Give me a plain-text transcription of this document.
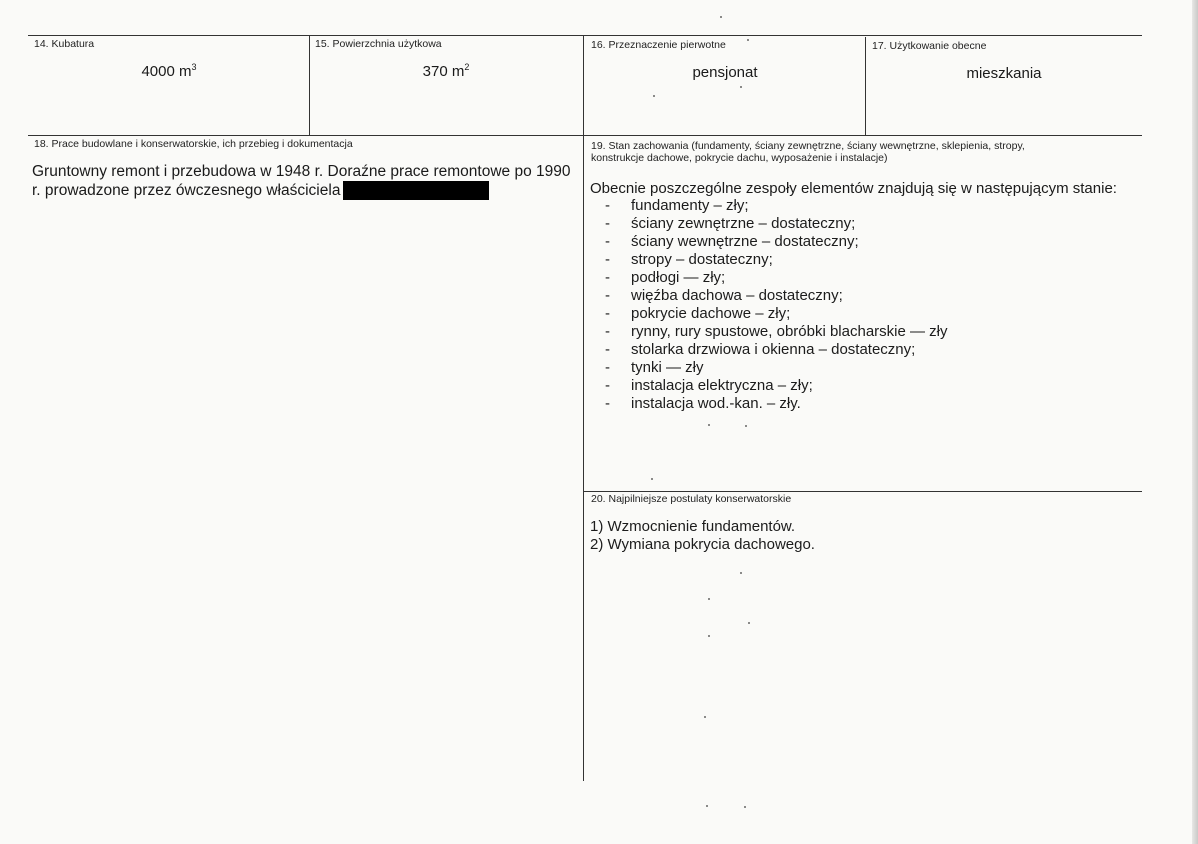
14. Kubatura
4000 $m^3$
15. Powierzchnia użytkowa
370 $m^2$
16. Przeznaczenie pierwotne
pensjonat
17. Użytkowanie obecne
mieszkania
18. Prace budowlane i konserwatorskie, ich przebieg i dokumentacja
Gruntowny remont i przebudowa w 1948 r. Doraźne prace remontowe po 1990
r. prowadzone przez ówczesnego właściciela
19. Stan zachowania (fundamenty, ściany zewnętrzne, ściany wewnętrzne, sklepienia, stropy,
konstrukcje dachowe, pokrycie dachu, wyposażenie i instalacje)
Obecnie poszczególne zespoły elementów znajdują się w następującym stanie:
- fundamenty – zły;
- ściany zewnętrzne – dostateczny;
- ściany wewnętrzne – dostateczny;
- stropy – dostateczny;
- podłogi — zły;
- więźba dachowa – dostateczny;
- pokrycie dachowe – zły;
- rynny, rury spustowe, obróbki blacharskie — zły
- stolarka drzwiowa i okienna – dostateczny;
- tynki — zły
- instalacja elektryczna – zły;
- instalacja wod.-kan. – zły.
20. Najpilniejsze postulaty konserwatorskie
1) Wzmocnienie fundamentów.
2) Wymiana pokrycia dachowego.
